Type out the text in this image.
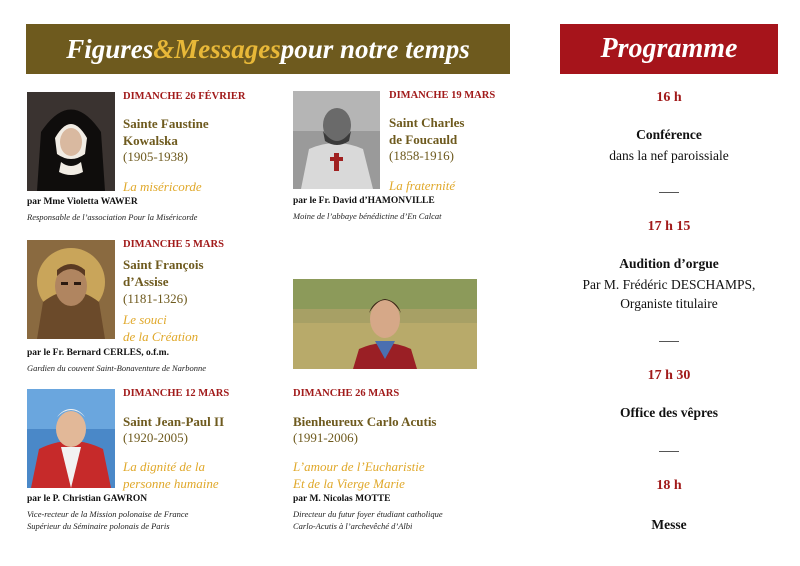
Figures & Messages pour notre temps	Programme
DIMANCHE 26 FÉVRIER
Sainte Faustine
Kowalska
(1905-1938)
La miséricorde
par Mme Violetta WAWER
Responsable de l’association Pour la Miséricorde
DIMANCHE 19 MARS
Saint Charles
de Foucauld
(1858-1916)
La fraternité
par le Fr. David d’HAMONVILLE
Moine de l’abbaye bénédictine d’En Calcat
DIMANCHE 5 MARS
Saint François
d’Assise
(1181-1326)
Le souci
de la Création
par le Fr. Bernard CERLES, o.f.m.
Gardien du couvent Saint-Bonaventure de Narbonne
DIMANCHE 12 MARS
Saint Jean-Paul II
(1920-2005)
La dignité de la
personne humaine
par le P. Christian GAWRON
Vice-recteur de la Mission polonaise de France
Supérieur du Séminaire polonais de Paris
DIMANCHE 26 MARS
Bienheureux Carlo Acutis
(1991-2006)
L’amour de l’Eucharistie
Et de la Vierge Marie
par M. Nicolas MOTTE
Directeur du futur foyer étudiant catholique
Carlo-Acutis à l’archevêché d’Albi
16 h
Conférence
dans la nef paroissiale
17 h 15
Audition d’orgue
Par M. Frédéric DESCHAMPS,
Organiste titulaire
17 h 30
Office des vêpres
18 h
Messe
